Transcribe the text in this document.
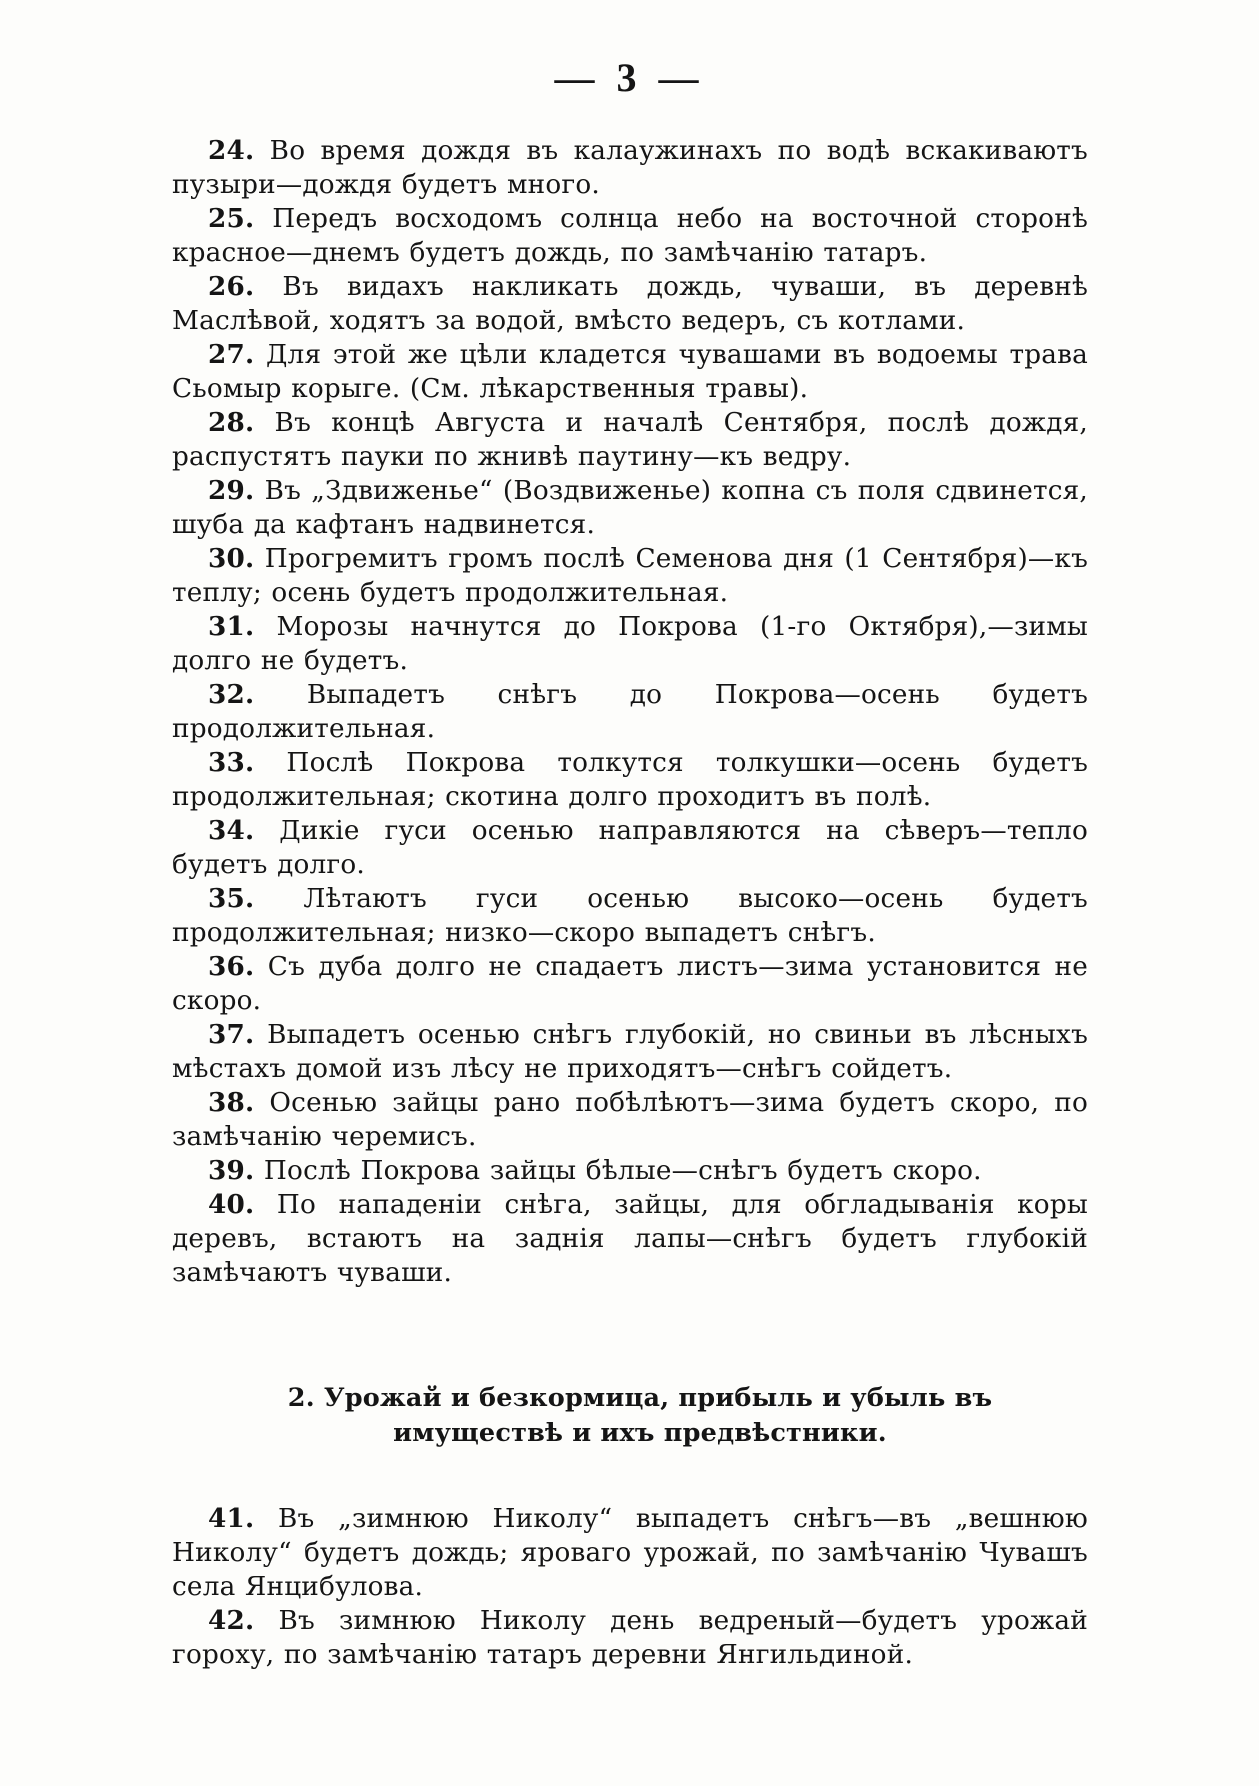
— 3 —

24. Во время дождя въ калаужинахъ по водѣ вскакиваютъ пузыри—дождя будетъ много.

25. Передъ восходомъ солнца небо на восточной сторонѣ красное—днемъ будетъ дождь, по замѣчанію татаръ.

26. Въ видахъ накликать дождь, чуваши, въ деревнѣ Маслѣвой, ходятъ за водой, вмѣсто ведеръ, съ котлами.

27. Для этой же цѣли кладется чувашами въ водоемы трава Сьомыр корыге. (См. лѣкарственныя травы).

28. Въ концѣ Августа и началѣ Сентября, послѣ дождя, распустятъ пауки по жнивѣ паутину—къ ведру.

29. Въ „Здвиженье“ (Воздвиженье) копна съ поля сдвинется, шуба да кафтанъ надвинется.

30. Прогремитъ громъ послѣ Семенова дня (1 Сентября)—къ теплу; осень будетъ продолжительная.

31. Морозы начнутся до Покрова (1-го Октября),—зимы долго не будетъ.

32. Выпадетъ снѣгъ до Покрова—осень будетъ продолжительная.

33. Послѣ Покрова толкутся толкушки—осень будетъ продолжительная; скотина долго проходитъ въ полѣ.

34. Дикіе гуси осенью направляются на сѣверъ—тепло будетъ долго.

35. Лѣтаютъ гуси осенью высоко—осень будетъ продолжительная; низко—скоро выпадетъ снѣгъ.

36. Съ дуба долго не спадаетъ листъ—зима установится не скоро.

37. Выпадетъ осенью снѣгъ глубокій, но свиньи въ лѣсныхъ мѣстахъ домой изъ лѣсу не приходятъ—снѣгъ сойдетъ.

38. Осенью зайцы рано побѣлѣютъ—зима будетъ скоро, по замѣчанію черемисъ.

39. Послѣ Покрова зайцы бѣлые—снѣгъ будетъ скоро.

40. По нападеніи снѣга, зайцы, для обгладыванія коры деревъ, встаютъ на заднія лапы—снѣгъ будетъ глубокій замѣчаютъ чуваши.

2. Урожай и безкормица, прибыль и убыль въ имуществѣ и ихъ предвѣстники.

41. Въ „зимнюю Николу“ выпадетъ снѣгъ—въ „вешнюю Николу“ будетъ дождь; яроваго урожай, по замѣчанію Чувашъ села Янцибулова.

42. Въ зимнюю Николу день ведреный—будетъ урожай гороху, по замѣчанію татаръ деревни Янгильдиной.
